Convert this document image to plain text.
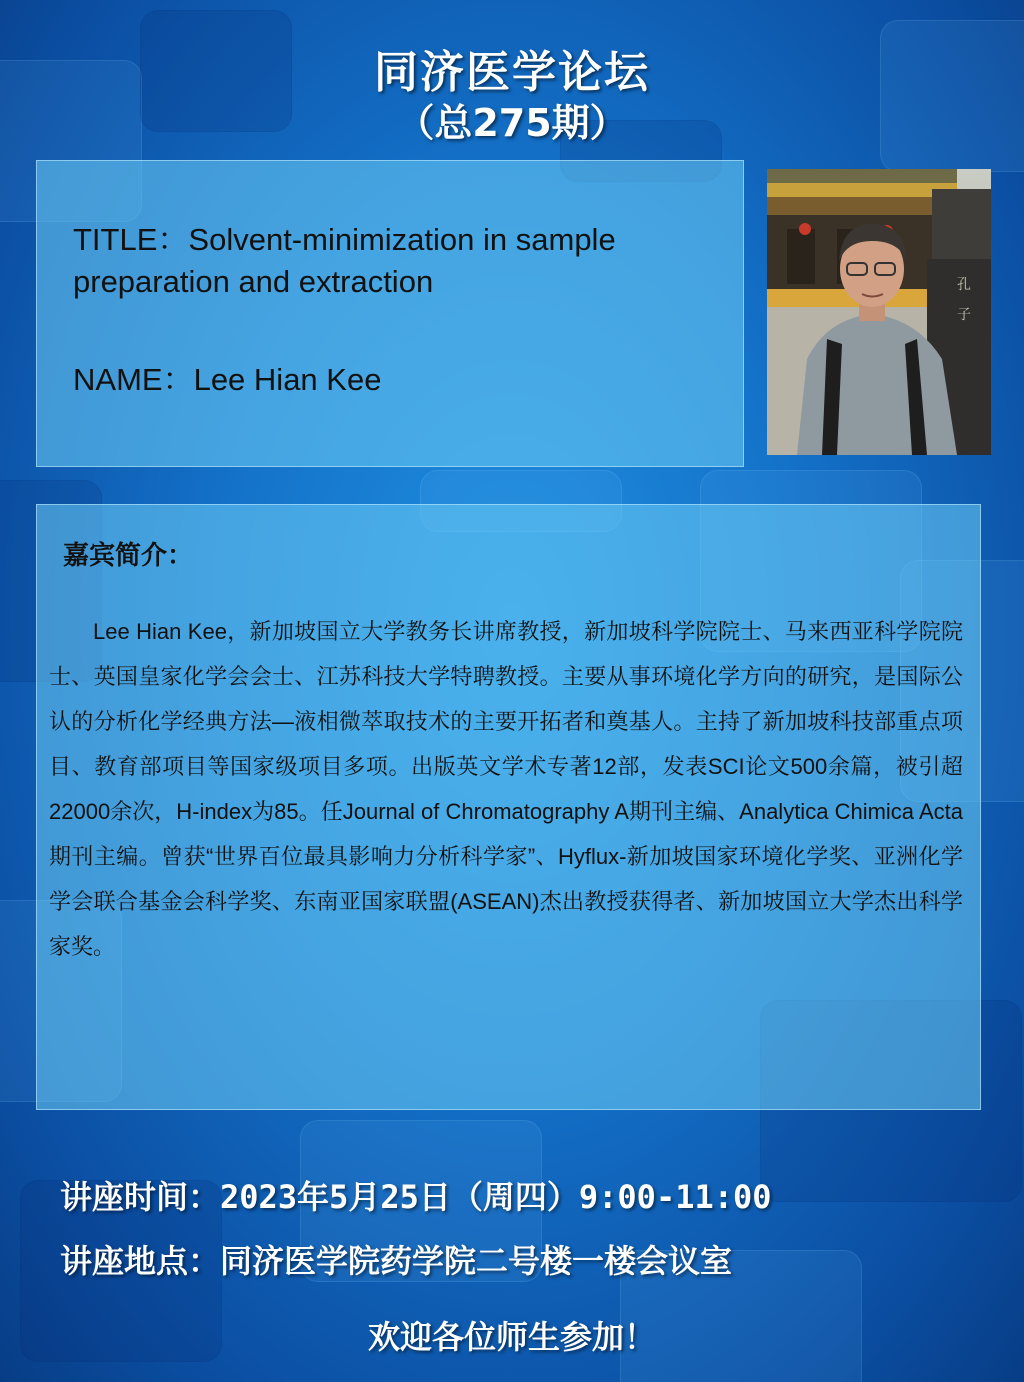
同济医学论坛
（总275期）
TITLE：Solvent-minimization in sample preparation and extraction
NAME：Lee Hian Kee
孔
子
嘉宾简介：
Lee Hian Kee，新加坡国立大学教务长讲席教授，新加坡科学院院士、马来西亚科学院院士、英国皇家化学会会士、江苏科技大学特聘教授。主要从事环境化学方向的研究，是国际公认的分析化学经典方法—液相微萃取技术的主要开拓者和奠基人。主持了新加坡科技部重点项目、教育部项目等国家级项目多项。出版英文学术专著12部，发表SCI论文500余篇，被引超22000余次，H-index为85。任Journal of Chromatography A期刊主编、Analytica Chimica Acta期刊主编。曾获“世界百位最具影响力分析科学家”、Hyflux-新加坡国家环境化学奖、亚洲化学学会联合基金会科学奖、东南亚国家联盟(ASEAN)杰出教授获得者、新加坡国立大学杰出科学家奖。
讲座时间：2023年5月25日（周四）9:00-11:00
讲座地点：同济医学院药学院二号楼一楼会议室
欢迎各位师生参加！
